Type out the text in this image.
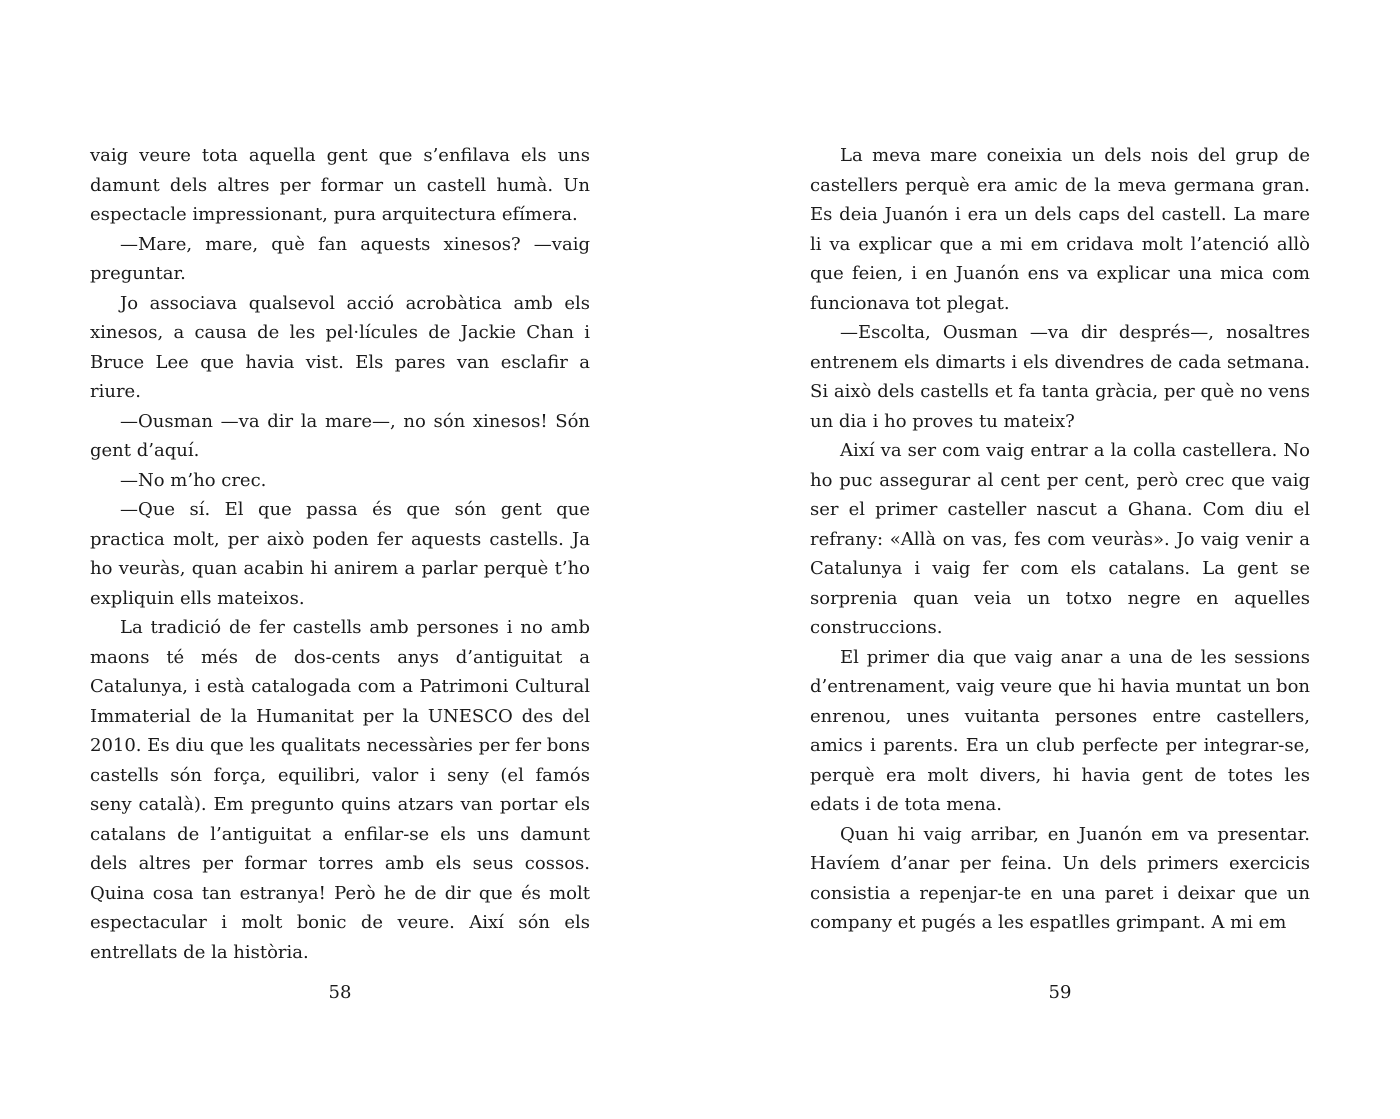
vaig veure tota aquella gent que s’enfilava els uns damunt dels altres per formar un castell humà. Un espectacle impressionant, pura arquitectura efímera.

—Mare, mare, què fan aquests xinesos? —vaig preguntar.

Jo associava qualsevol acció acrobàtica amb els xinesos, a causa de les pel·lícules de Jackie Chan i Bruce Lee que havia vist. Els pares van esclafir a riure.

—Ousman —va dir la mare—, no són xinesos! Són gent d’aquí.

—No m’ho crec.

—Que sí. El que passa és que són gent que practica molt, per això poden fer aquests castells. Ja ho veuràs, quan acabin hi anirem a parlar perquè t’ho expliquin ells mateixos.

La tradició de fer castells amb persones i no amb maons té més de dos-cents anys d’antiguitat a Catalunya, i està catalogada com a Patrimoni Cultural Immaterial de la Humanitat per la UNESCO des del 2010. Es diu que les qualitats necessàries per fer bons castells són força, equilibri, valor i seny (el famós seny català). Em pregunto quins atzars van portar els catalans de l’antiguitat a enfilar-se els uns damunt dels altres per formar torres amb els seus cossos. Quina cosa tan estranya! Però he de dir que és molt espectacular i molt bonic de veure. Així són els entrellats de la història.

58

La meva mare coneixia un dels nois del grup de castellers perquè era amic de la meva germana gran. Es deia Juanón i era un dels caps del castell. La mare li va explicar que a mi em cridava molt l’atenció allò que feien, i en Juanón ens va explicar una mica com funcionava tot plegat.

—Escolta, Ousman —va dir després—, nosaltres entrenem els dimarts i els divendres de cada setmana. Si això dels castells et fa tanta gràcia, per què no vens un dia i ho proves tu mateix?

Així va ser com vaig entrar a la colla castellera. No ho puc assegurar al cent per cent, però crec que vaig ser el primer casteller nascut a Ghana. Com diu el refrany: «Allà on vas, fes com veuràs». Jo vaig venir a Catalunya i vaig fer com els catalans. La gent se sorprenia quan veia un totxo negre en aquelles construccions.

El primer dia que vaig anar a una de les sessions d’entrenament, vaig veure que hi havia muntat un bon enrenou, unes vuitanta persones entre castellers, amics i parents. Era un club perfecte per integrar-se, perquè era molt divers, hi havia gent de totes les edats i de tota mena.

Quan hi vaig arribar, en Juanón em va presentar. Havíem d’anar per feina. Un dels primers exercicis consistia a repenjar-te en una paret i deixar que un company et pugés a les espatlles grimpant. A mi em

59
